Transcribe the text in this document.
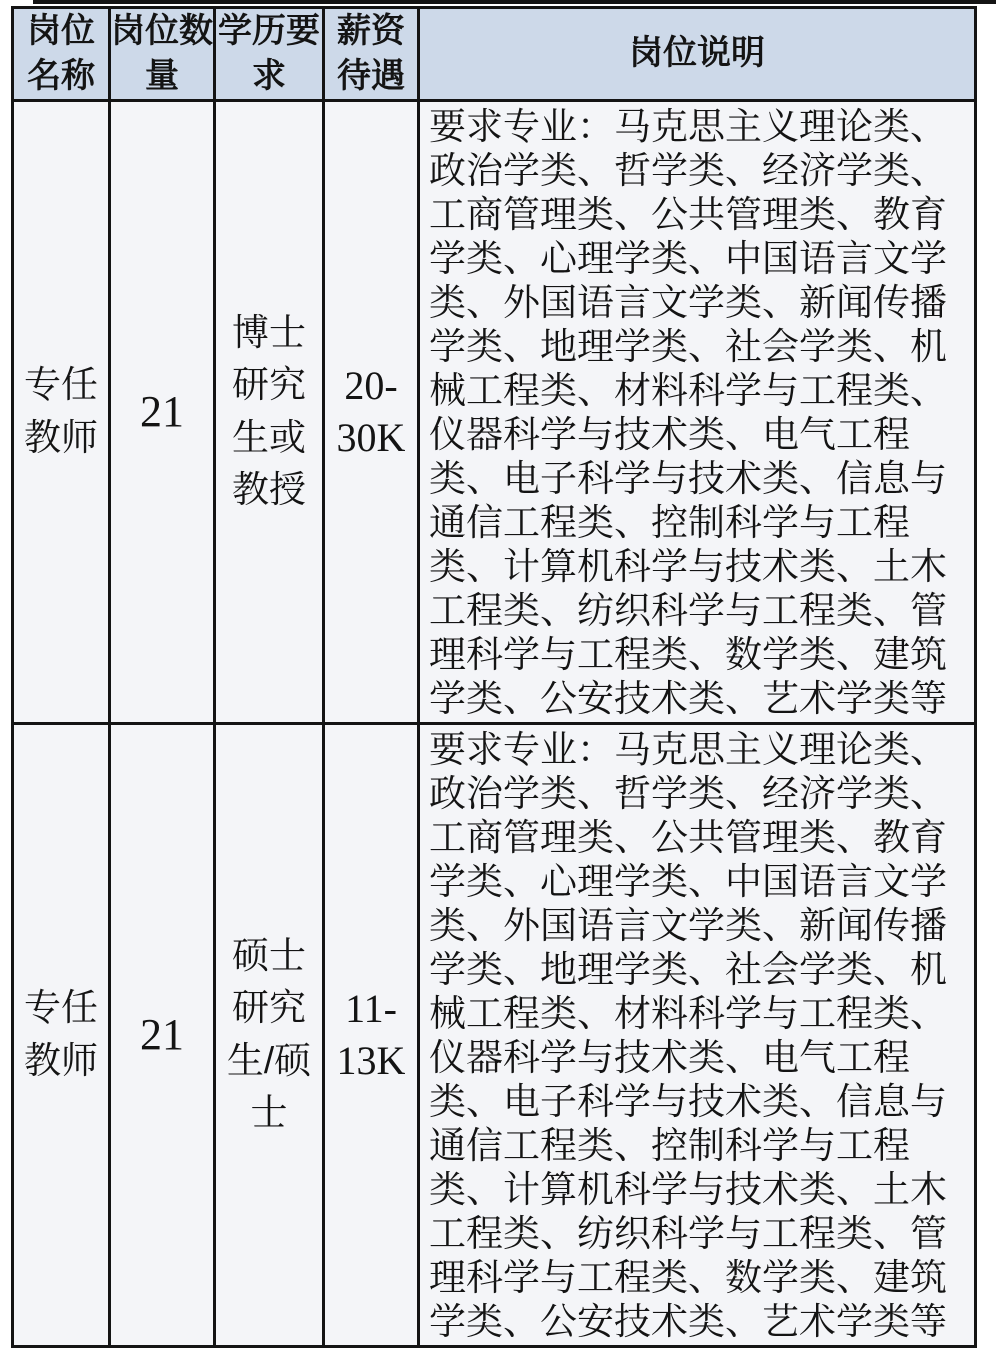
岗位名称	岗位数量	学历要求	薪资待遇	岗位说明
专任教师	21	博士研究生或教授	20-30K	要求专业：马克思主义理论类、政治学类、哲学类、经济学类、工商管理类、公共管理类、教育学类、心理学类、中国语言文学类、外国语言文学类、新闻传播学类、地理学类、社会学类、机械工程类、材料科学与工程类、仪器科学与技术类、电气工程类、电子科学与技术类、信息与通信工程类、控制科学与工程类、计算机科学与技术类、土木工程类、纺织科学与工程类、管理科学与工程类、数学类、建筑学类、公安技术类、艺术学类等
专任教师	21	硕士研究生/硕士	11-13K	要求专业：马克思主义理论类、政治学类、哲学类、经济学类、工商管理类、公共管理类、教育学类、心理学类、中国语言文学类、外国语言文学类、新闻传播学类、地理学类、社会学类、机械工程类、材料科学与工程类、仪器科学与技术类、电气工程类、电子科学与技术类、信息与通信工程类、控制科学与工程类、计算机科学与技术类、土木工程类、纺织科学与工程类、管理科学与工程类、数学类、建筑学类、公安技术类、艺术学类等
